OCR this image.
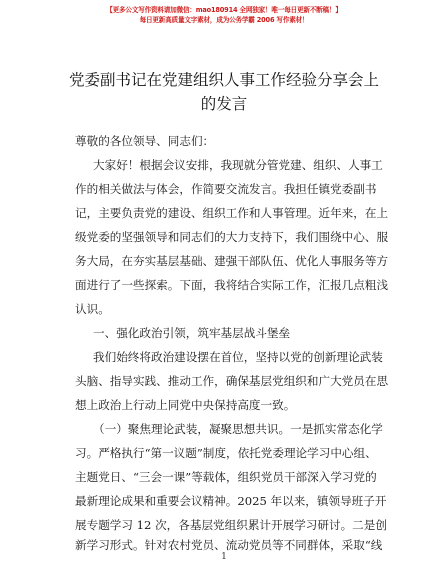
【更多公文写作资料请加微信：mao180914 全网独家！唯一每日更新不断稿！】
每日更新高质量文字素材，成为公务学霸 2006 写作素材！
党委副书记在党建组织人事工作经验分享会上
的发言
尊敬的各位领导、同志们：
大家好！根据会议安排，我现就分管党建、组织、人事工
作的相关做法与体会，作简要交流发言。我担任镇党委副书
记，主要负责党的建设、组织工作和人事管理。近年来，在上
级党委的坚强领导和同志们的大力支持下，我们围绕中心、服
务大局，在夯实基层基础、建强干部队伍、优化人事服务等方
面进行了一些探索。下面，我将结合实际工作，汇报几点粗浅
认识。
一、强化政治引领，筑牢基层战斗堡垒
我们始终将政治建设摆在首位，坚持以党的创新理论武装
头脑、指导实践、推动工作，确保基层党组织和广大党员在思
想上政治上行动上同党中央保持高度一致。
（一）聚焦理论武装，凝聚思想共识。一是抓实常态化学
习。严格执行“第一议题”制度，依托党委理论学习中心组、
主题党日、“三会一课”等载体，组织党员干部深入学习党的
最新理论成果和重要会议精神。2025 年以来，镇领导班子开
展专题学习 12 次，各基层党组织累计开展学习研讨。二是创
新学习形式。针对农村党员、流动党员等不同群体，采取“线
1
